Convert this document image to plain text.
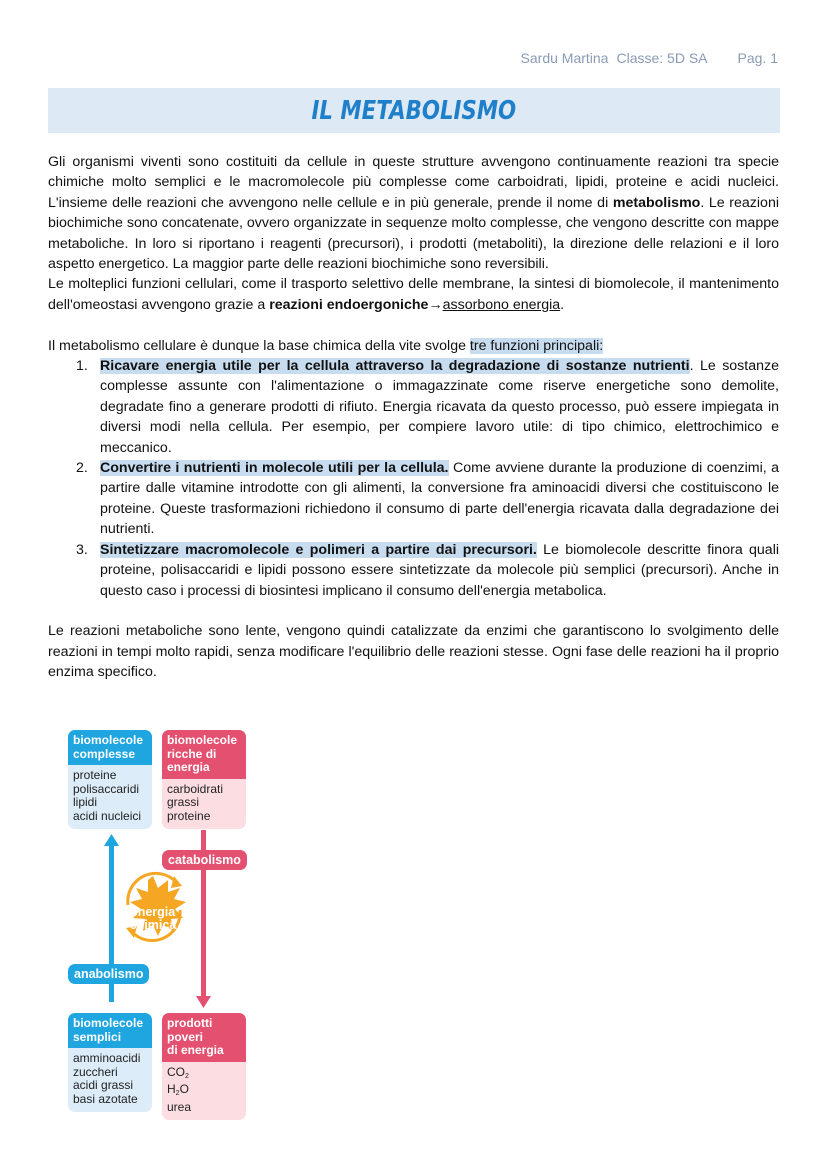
Sardu Martina Classe: 5D SA Pag. 1
IL METABOLISMO

Gli organismi viventi sono costituiti da cellule in queste strutture avvengono continuamente reazioni tra specie chimiche molto semplici e le macromolecole più complesse come carboidrati, lipidi, proteine e acidi nucleici. L'insieme delle reazioni che avvengono nelle cellule e in più generale, prende il nome di metabolismo. Le reazioni biochimiche sono concatenate, ovvero organizzate in sequenze molto complesse, che vengono descritte con mappe metaboliche. In loro si riportano i reagenti (precursori), i prodotti (metaboliti), la direzione delle relazioni e il loro aspetto energetico. La maggior parte delle reazioni biochimiche sono reversibili.

Le molteplici funzioni cellulari, come il trasporto selettivo delle membrane, la sintesi di biomolecole, il mantenimento dell'omeostasi avvengono grazie a reazioni endoergoniche→assorbono energia.

Il metabolismo cellulare è dunque la base chimica della vite svolge tre funzioni principali:

1. Ricavare energia utile per la cellula attraverso la degradazione di sostanze nutrienti. Le sostanze complesse assunte con l'alimentazione o immagazzinate come riserve energetiche sono demolite, degradate fino a generare prodotti di rifiuto. Energia ricavata da questo processo, può essere impiegata in diversi modi nella cellula. Per esempio, per compiere lavoro utile: di tipo chimico, elettrochimico e meccanico.
2. Convertire i nutrienti in molecole utili per la cellula. Come avviene durante la produzione di coenzimi, a partire dalle vitamine introdotte con gli alimenti, la conversione fra aminoacidi diversi che costituiscono le proteine. Queste trasformazioni richiedono il consumo di parte dell'energia ricavata dalla degradazione dei nutrienti.
3. Sintetizzare macromolecole e polimeri a partire dai precursori. Le biomolecole descritte finora quali proteine, polisaccaridi e lipidi possono essere sintetizzate da molecole più semplici (precursori). Anche in questo caso i processi di biosintesi implicano il consumo dell'energia metabolica.

Le reazioni metaboliche sono lente, vengono quindi catalizzate da enzimi che garantiscono lo svolgimento delle reazioni in tempi molto rapidi, senza modificare l'equilibrio delle reazioni stesse. Ogni fase delle reazioni ha il proprio enzima specifico.

biomolecole
complesse
proteine
polisaccaridi
lipidi
acidi nucleici
biomolecole
ricche di
energia
carboidrati
grassi
proteine
catabolismo
energia
chimica
anabolismo
biomolecole
semplici
amminoacidi
zuccheri
acidi grassi
basi azotate
prodotti
poveri
di energia
$CO_2$
$H_2O$
urea
